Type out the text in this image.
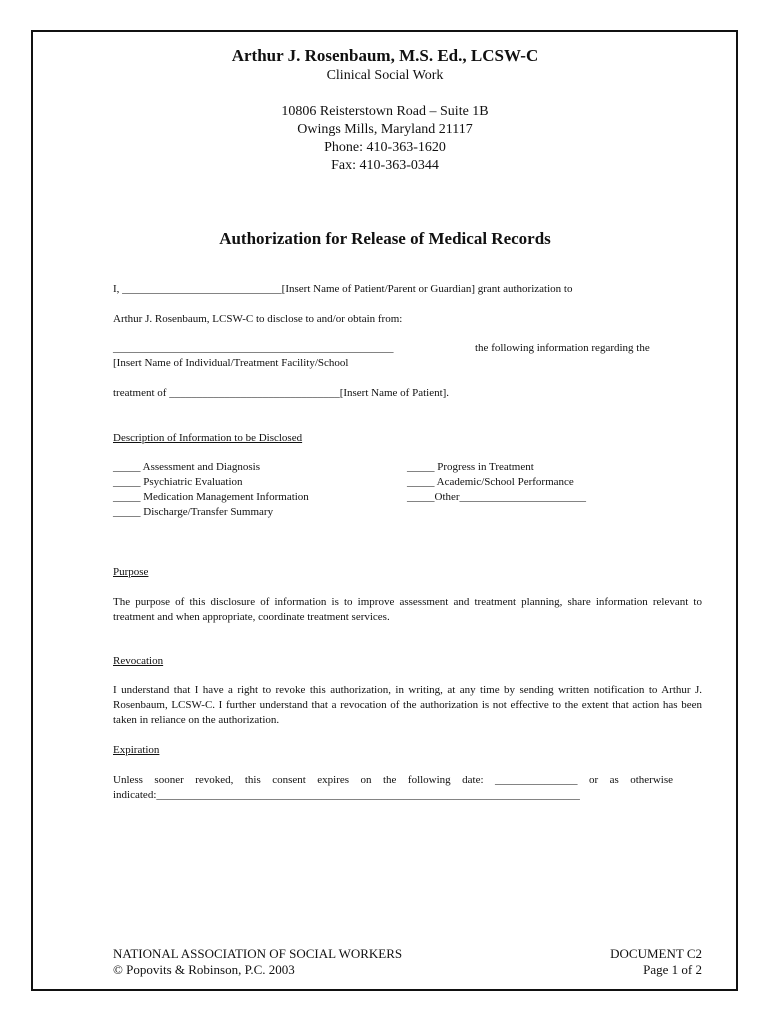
Arthur J. Rosenbaum, M.S. Ed., LCSW-C
Clinical Social Work
10806 Reisterstown Road – Suite 1B
Owings Mills, Maryland 21117
Phone: 410-363-1620
Fax: 410-363-0344
Authorization for Release of Medical Records
I, _____________________________[Insert Name of Patient/Parent or Guardian] grant authorization to
Arthur J. Rosenbaum, LCSW-C to disclose to and/or obtain from:
___________________________________________________	the following information regarding the
[Insert Name of Individual/Treatment Facility/School
treatment of _______________________________[Insert Name of Patient].
Description of Information to be Disclosed
_____ Assessment and Diagnosis
_____ Psychiatric Evaluation
_____ Medication Management Information
_____ Discharge/Transfer Summary
_____ Progress in Treatment
_____ Academic/School Performance
_____Other_______________________
Purpose
The purpose of this disclosure of information is to improve assessment and treatment planning, share information relevant to treatment and when appropriate, coordinate treatment services.
Revocation
I understand that I have a right to revoke this authorization, in writing, at any time by sending written notification to Arthur J. Rosenbaum, LCSW-C. I further understand that a revocation of the authorization is not effective to the extent that action has been taken in reliance on the authorization.
Expiration
Unless sooner revoked, this consent expires on the following date: _______________ or as otherwise indicated:_____________________________________________________________________________
NATIONAL ASSOCIATION OF SOCIAL WORKERS
© Popovits & Robinson, P.C. 2003
DOCUMENT C2
Page 1 of 2
